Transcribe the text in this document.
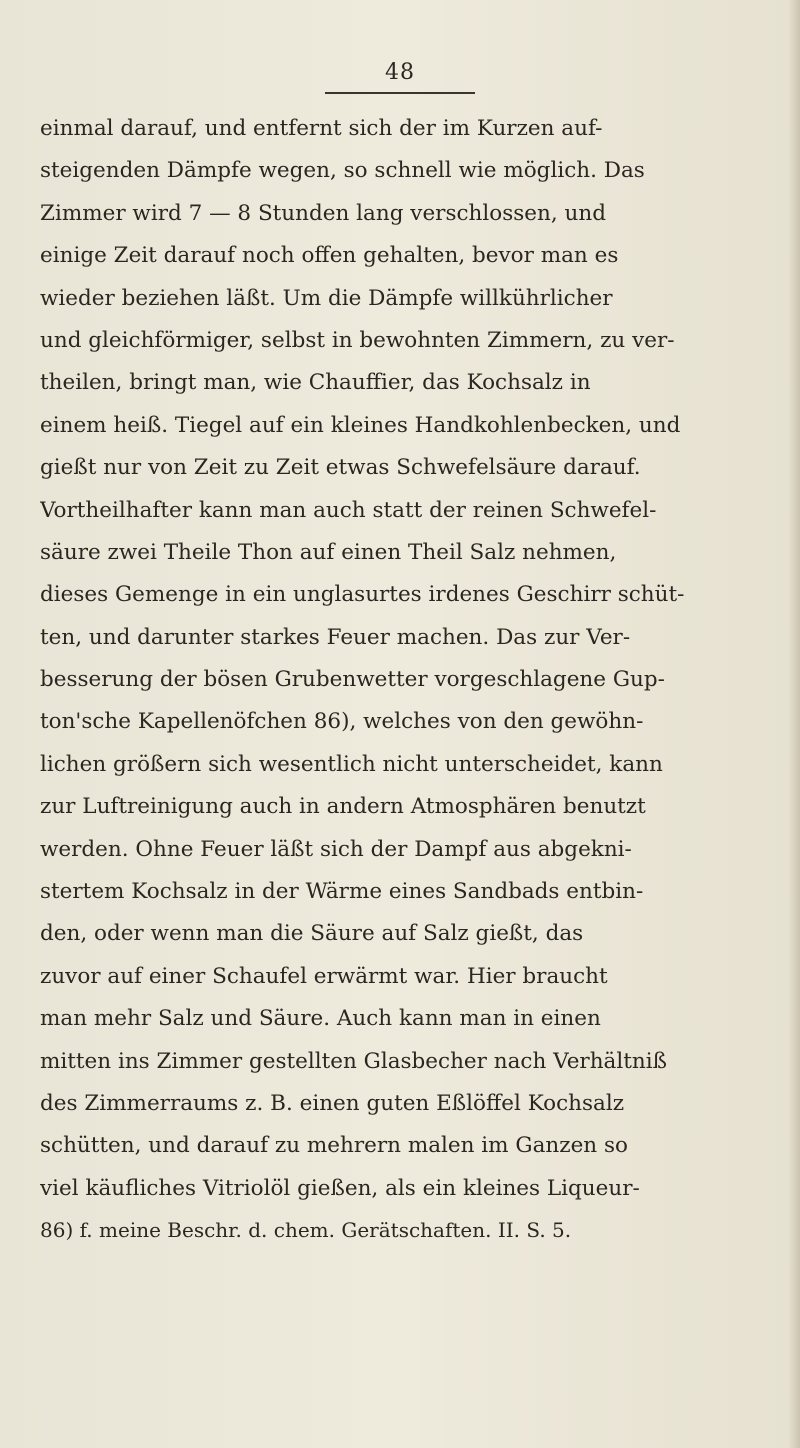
48
einmal darauf, und entfernt sich der im Kurzen auf-
steigenden Dämpfe wegen, so schnell wie möglich. Das
Zimmer wird 7 — 8 Stunden lang verschlossen, und
einige Zeit darauf noch offen gehalten, bevor man es
wieder beziehen läßt. Um die Dämpfe willkührlicher
und gleichförmiger, selbst in bewohnten Zimmern, zu ver-
theilen, bringt man, wie Chauffier, das Kochsalz in
einem heiß. Tiegel auf ein kleines Handkohlenbecken, und
gießt nur von Zeit zu Zeit etwas Schwefelsäure darauf.
Vortheilhafter kann man auch statt der reinen Schwefel-
säure zwei Theile Thon auf einen Theil Salz nehmen,
dieses Gemenge in ein unglasurtes irdenes Geschirr schüt-
ten, und darunter starkes Feuer machen. Das zur Ver-
besserung der bösen Grubenwetter vorgeschlagene Gup-
ton'sche Kapellenöfchen 86), welches von den gewöhn-
lichen größern sich wesentlich nicht unterscheidet, kann
zur Luftreinigung auch in andern Atmosphären benutzt
werden. Ohne Feuer läßt sich der Dampf aus abgekni-
stertem Kochsalz in der Wärme eines Sandbads entbin-
den, oder wenn man die Säure auf Salz gießt, das
zuvor auf einer Schaufel erwärmt war. Hier braucht
man mehr Salz und Säure. Auch kann man in einen
mitten ins Zimmer gestellten Glasbecher nach Verhältniß
des Zimmerraums z. B. einen guten Eßlöffel Kochsalz
schütten, und darauf zu mehrern malen im Ganzen so
viel käufliches Vitriolöl gießen, als ein kleines Liqueur-
86) f. meine Beschr. d. chem. Gerätschaften. II. S. 5.
